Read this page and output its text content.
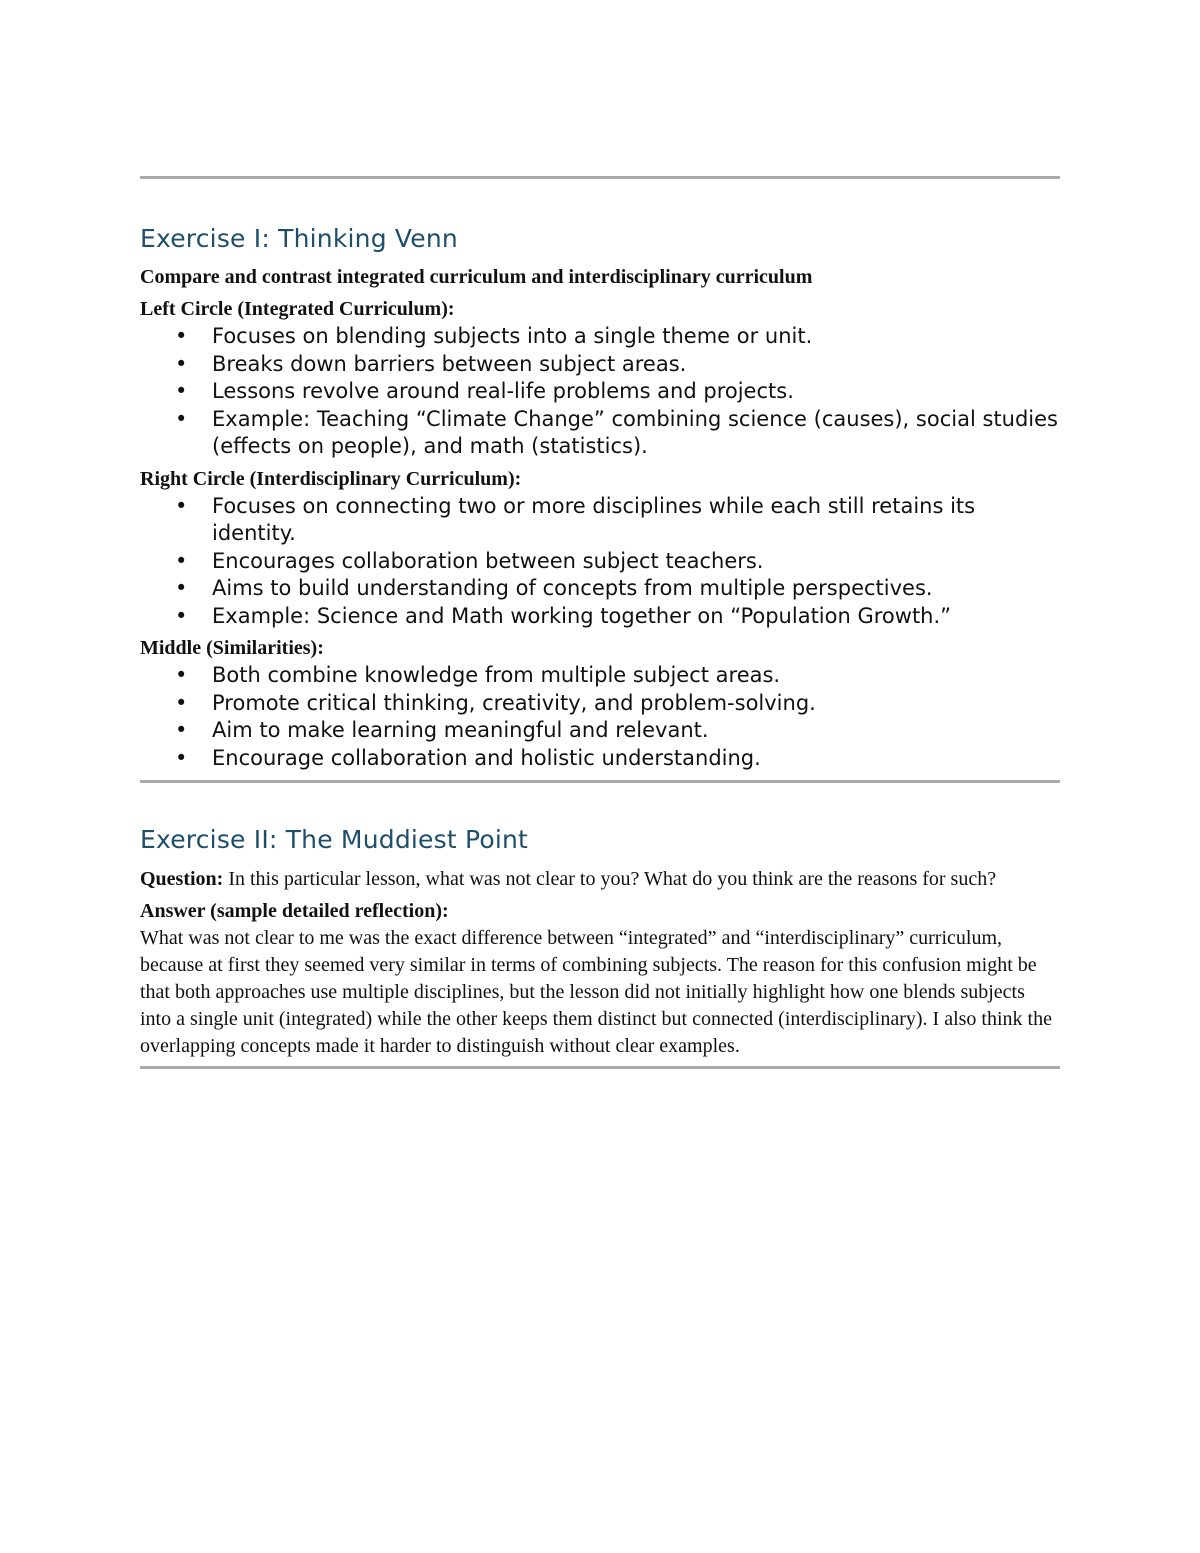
Exercise I: Thinking Venn

Compare and contrast integrated curriculum and interdisciplinary curriculum

Left Circle (Integrated Curriculum):

• Focuses on blending subjects into a single theme or unit.
• Breaks down barriers between subject areas.
• Lessons revolve around real-life problems and projects.
• Example: Teaching “Climate Change” combining science (causes), social studies (effects on people), and math (statistics).

Right Circle (Interdisciplinary Curriculum):

• Focuses on connecting two or more disciplines while each still retains its identity.
• Encourages collaboration between subject teachers.
• Aims to build understanding of concepts from multiple perspectives.
• Example: Science and Math working together on “Population Growth.”

Middle (Similarities):

• Both combine knowledge from multiple subject areas.
• Promote critical thinking, creativity, and problem-solving.
• Aim to make learning meaningful and relevant.
• Encourage collaboration and holistic understanding.
Exercise II: The Muddiest Point

Question: In this particular lesson, what was not clear to you? What do you think are the reasons for such?

Answer (sample detailed reflection):

What was not clear to me was the exact difference between “integrated” and “interdisciplinary” curriculum, because at first they seemed very similar in terms of combining subjects. The reason for this confusion might be that both approaches use multiple disciplines, but the lesson did not initially highlight how one blends subjects into a single unit (integrated) while the other keeps them distinct but connected (interdisciplinary). I also think the overlapping concepts made it harder to distinguish without clear examples.
